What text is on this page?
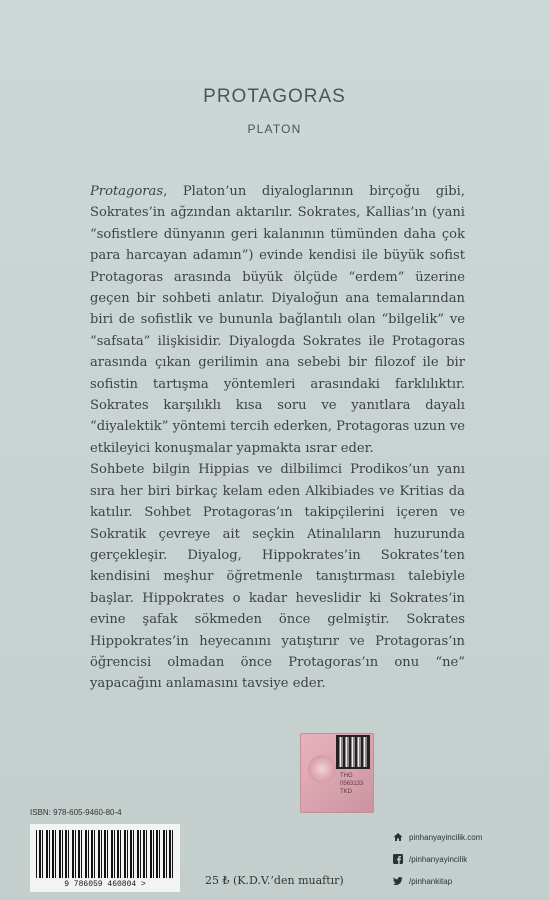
PROTAGORAS

PLATON

Protagoras, Platon’un diyaloglarının birçoğu gibi, Sokrates’in ağzından aktarılır. Sokrates, Kallias’ın (yani “sofistlere dünyanın geri kalanının tümünden daha çok para harcayan adamın”) evinde kendisi ile büyük sofist Protagoras arasında büyük ölçüde “erdem” üzerine geçen bir sohbeti anlatır. Diyaloğun ana temalarından biri de sofistlik ve bununla bağlantılı olan “bilgelik” ve “safsata” ilişkisidir. Diyalogda Sokrates ile Protagoras arasında çıkan gerilimin ana sebebi bir filozof ile bir sofistin tartışma yöntemleri arasındaki farklılıktır. Sokrates karşılıklı kısa soru ve yanıtlara dayalı “diyalektik” yöntemi tercih ederken, Protagoras uzun ve etkileyici konuşmalar yapmakta ısrar eder.

Sohbete bilgin Hippias ve dilbilimci Prodikos’un yanı sıra her biri birkaç kelam eden Alkibiades ve Kritias da katılır. Sohbet Protagoras’ın takipçilerini içeren ve Sokratik çevreye ait seçkin Atinalıların huzurunda gerçekleşir. Diyalog, Hippokrates’in Sokrates’ten kendisini meşhur öğretmenle tanıştırması talebiyle başlar. Hippokrates o kadar heveslidir ki Sokrates’in evine şafak sökmeden önce gelmiştir. Sokrates Hippokrates’in heyecanını yatıştırır ve Protagoras’ın öğrencisi olmadan önce Protagoras’ın onu “ne” yapacağını anlamasını tavsiye eder.

THG
0563133
TKD

ISBN: 978-605-9460-80-4

9 786059 460804 >	25 ₺ (K.D.V.’den muaftır)

pinhanyayincilik.com
/pinhanyayincilik
/pinhankitap
